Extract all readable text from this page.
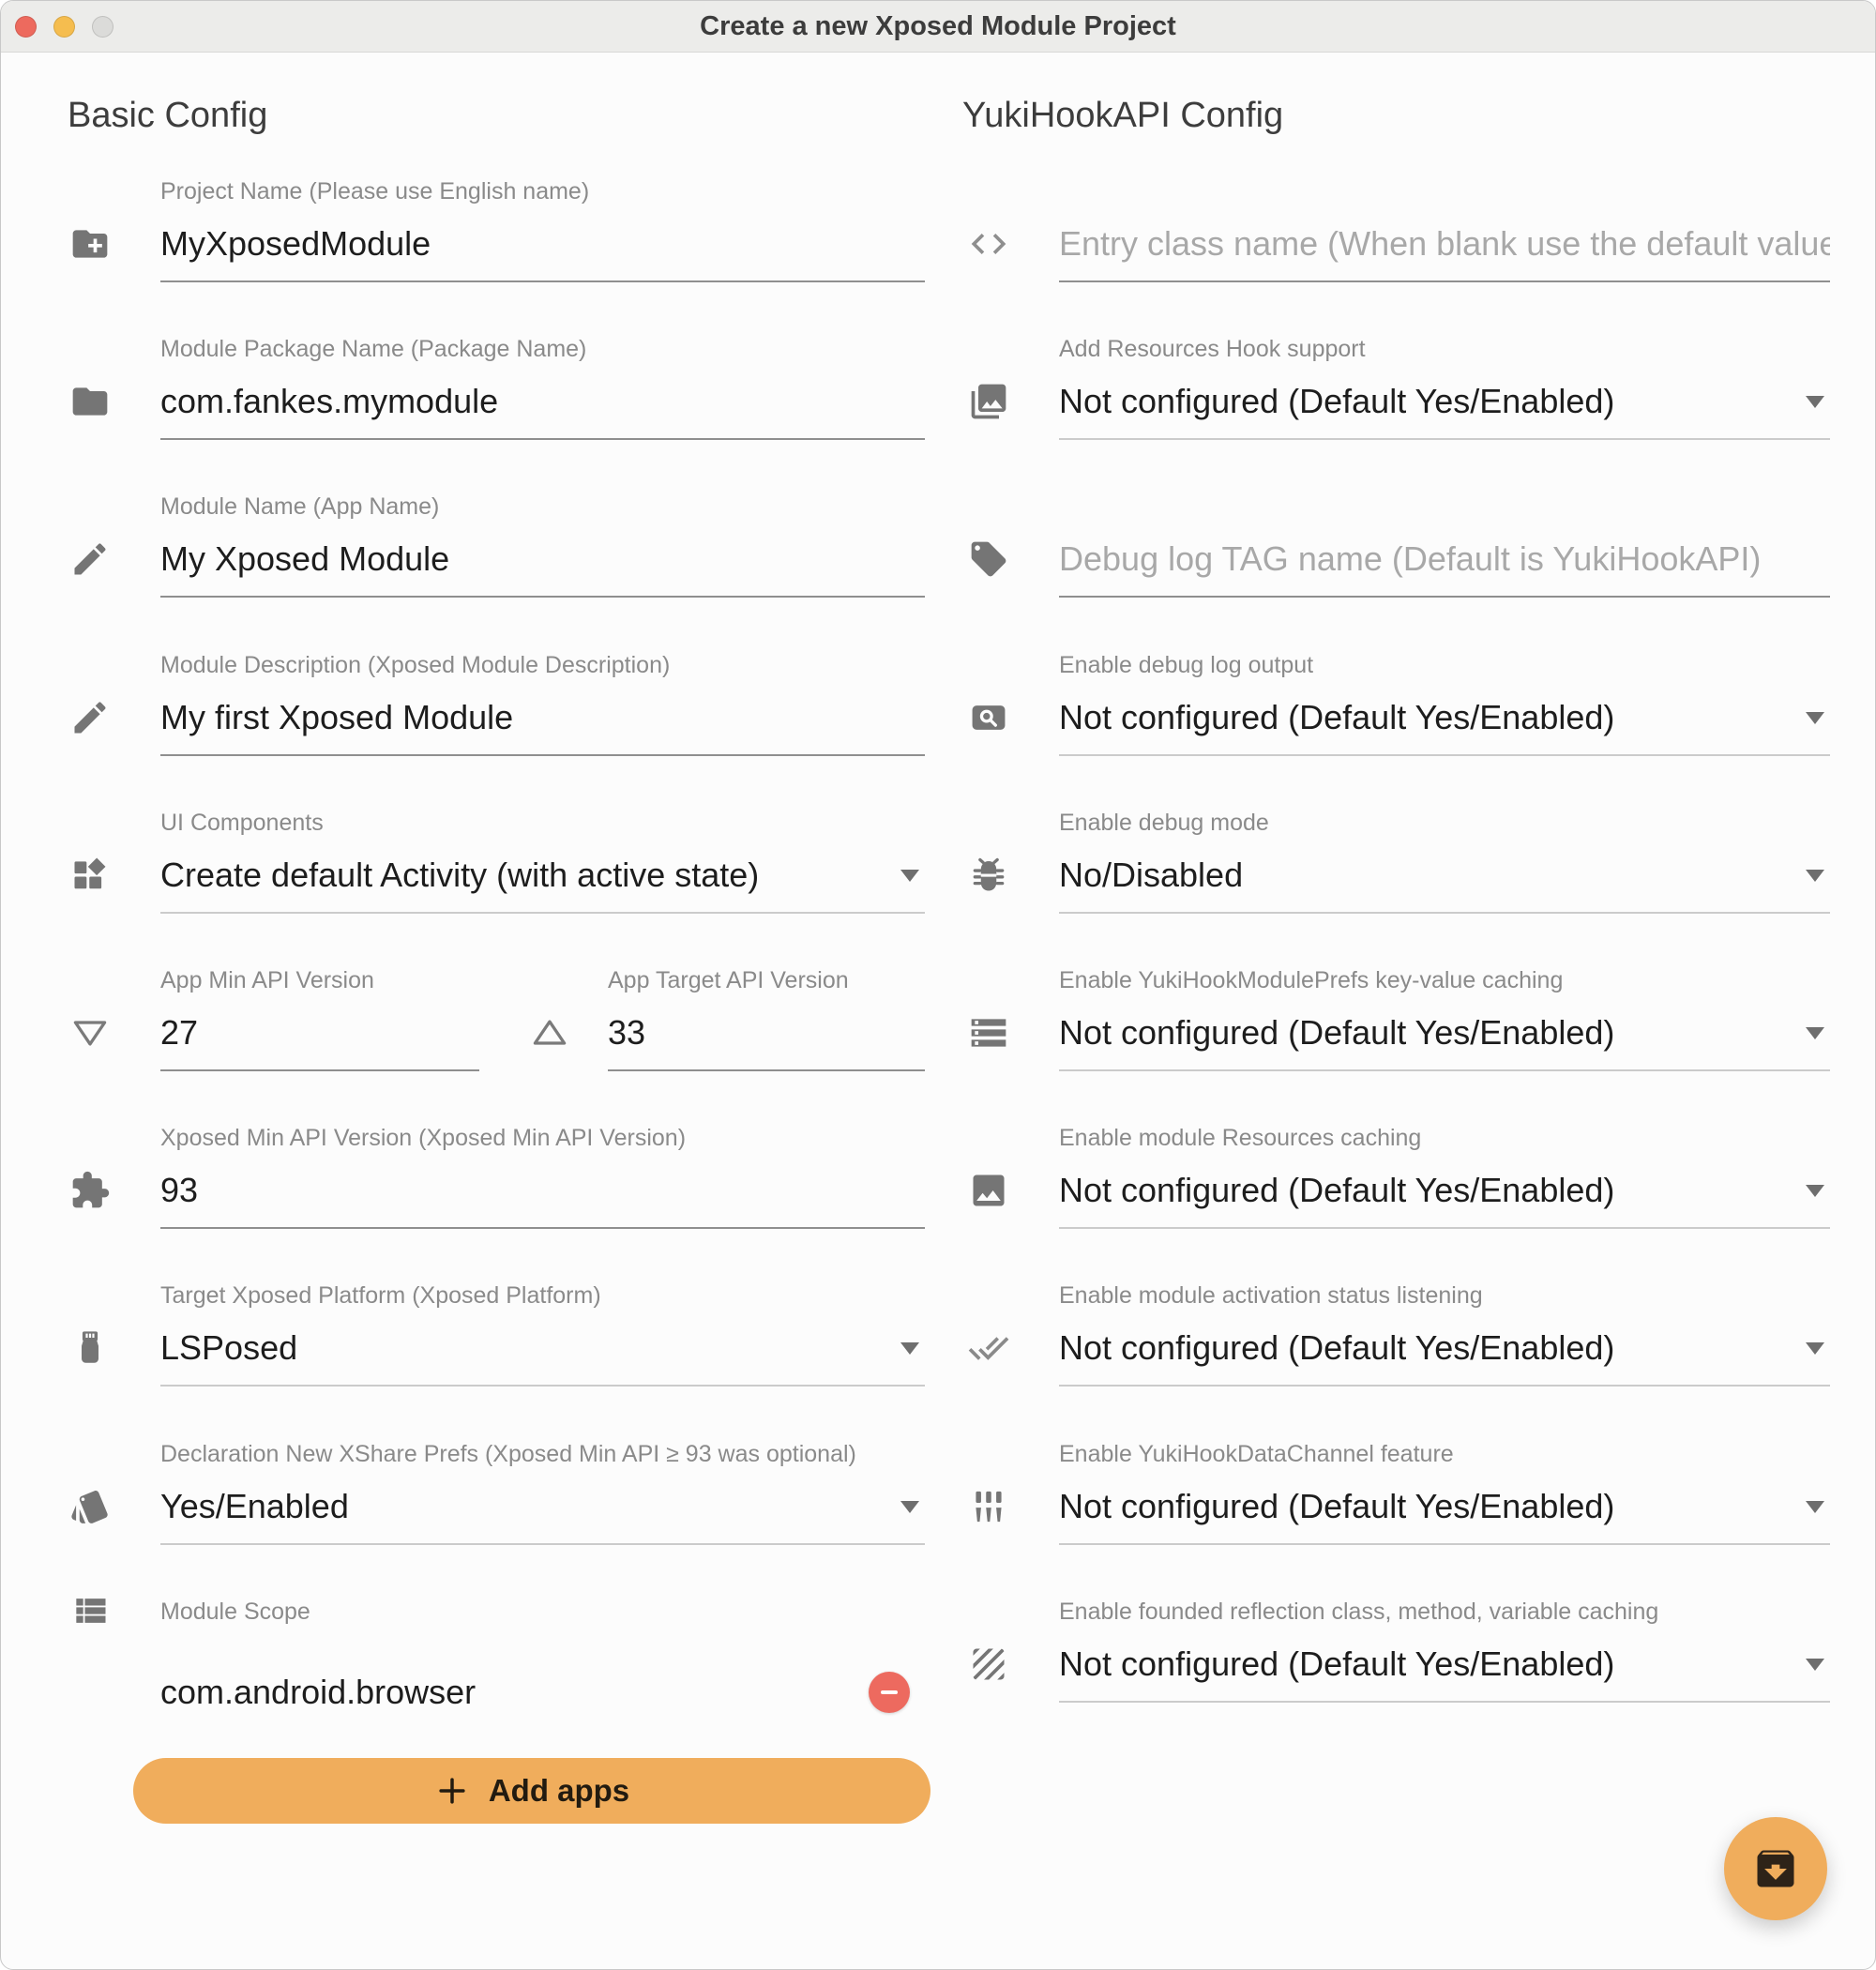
Create a new Xposed Module Project
Basic Config	YukiHookAPI Config
Project Name (Please use English name)
MyXposedModule
Module Package Name (Package Name)
com.fankes.mymodule
Module Name (App Name)
My Xposed Module
Module Description (Xposed Module Description)
My first Xposed Module
UI Components
Create default Activity (with active state)
App Min API Version
27	App Target API Version
33
Xposed Min API Version (Xposed Min API Version)
93
Target Xposed Platform (Xposed Platform)
LSPosed
Declaration New XShare Prefs (Xposed Min API ≥ 93 was optional)
Yes/Enabled
Module Scope
com.android.browser
Add apps
Entry class name (When blank use the default value)
Add Resources Hook support
Not configured (Default Yes/Enabled)
Debug log TAG name (Default is YukiHookAPI)
Enable debug log output
Not configured (Default Yes/Enabled)
Enable debug mode
No/Disabled
Enable YukiHookModulePrefs key-value caching
Not configured (Default Yes/Enabled)
Enable module Resources caching
Not configured (Default Yes/Enabled)
Enable module activation status listening
Not configured (Default Yes/Enabled)
Enable YukiHookDataChannel feature
Not configured (Default Yes/Enabled)
Enable founded reflection class, method, variable caching
Not configured (Default Yes/Enabled)
